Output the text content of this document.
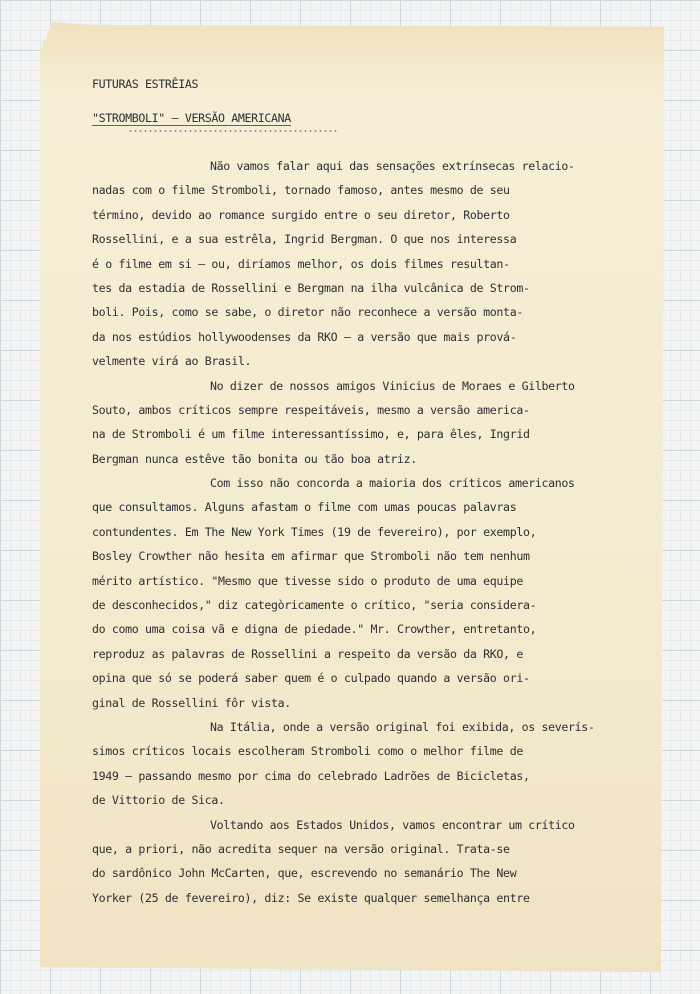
FUTURAS ESTRÊIAS
"STROMBOLI" — VERSÃO AMERICANA
Não vamos falar aqui das sensações extrínsecas relacio-
nadas com o filme Stromboli, tornado famoso, antes mesmo de seu
término, devido ao romance surgido entre o seu diretor, Roberto
Rossellini, e a sua estrêla, Ingrid Bergman. O que nos interessa
é o filme em si — ou, diríamos melhor, os dois filmes resultan-
tes da estadia de Rossellini e Bergman na ilha vulcânica de Strom-
boli. Pois, como se sabe, o diretor não reconhece a versão monta-
da nos estúdios hollywoodenses da RKO — a versão que mais prová-
velmente virá ao Brasil.
No dizer de nossos amigos Vinicius de Moraes e Gilberto
Souto, ambos críticos sempre respeitáveis, mesmo a versão america-
na de Stromboli é um filme interessantíssimo, e, para êles, Ingrid
Bergman nunca estêve tão bonita ou tão boa atriz.
Com isso não concorda a maioria dos críticos americanos
que consultamos. Alguns afastam o filme com umas poucas palavras
contundentes. Em The New York Times (19 de fevereiro), por exemplo,
Bosley Crowther não hesita em afirmar que Stromboli não tem nenhum
mérito artístico. "Mesmo que tivesse sido o produto de uma equipe
de desconhecidos," diz categòricamente o crítico, "seria considera-
do como uma coisa vã e digna de piedade." Mr. Crowther, entretanto,
reproduz as palavras de Rossellini a respeito da versão da RKO, e
opina que só se poderá saber quem é o culpado quando a versão ori-
ginal de Rossellini fôr vista.
Na Itália, onde a versão original foi exibida, os severís-
simos críticos locais escolheram Stromboli como o melhor filme de
1949 — passando mesmo por cima do celebrado Ladrões de Bicicletas,
de Vittorio de Sica.
Voltando aos Estados Unidos, vamos encontrar um crítico
que, a priori, não acredita sequer na versão original. Trata-se
do sardônico John McCarten, que, escrevendo no semanário The New
Yorker (25 de fevereiro), diz: Se existe qualquer semelhança entre
